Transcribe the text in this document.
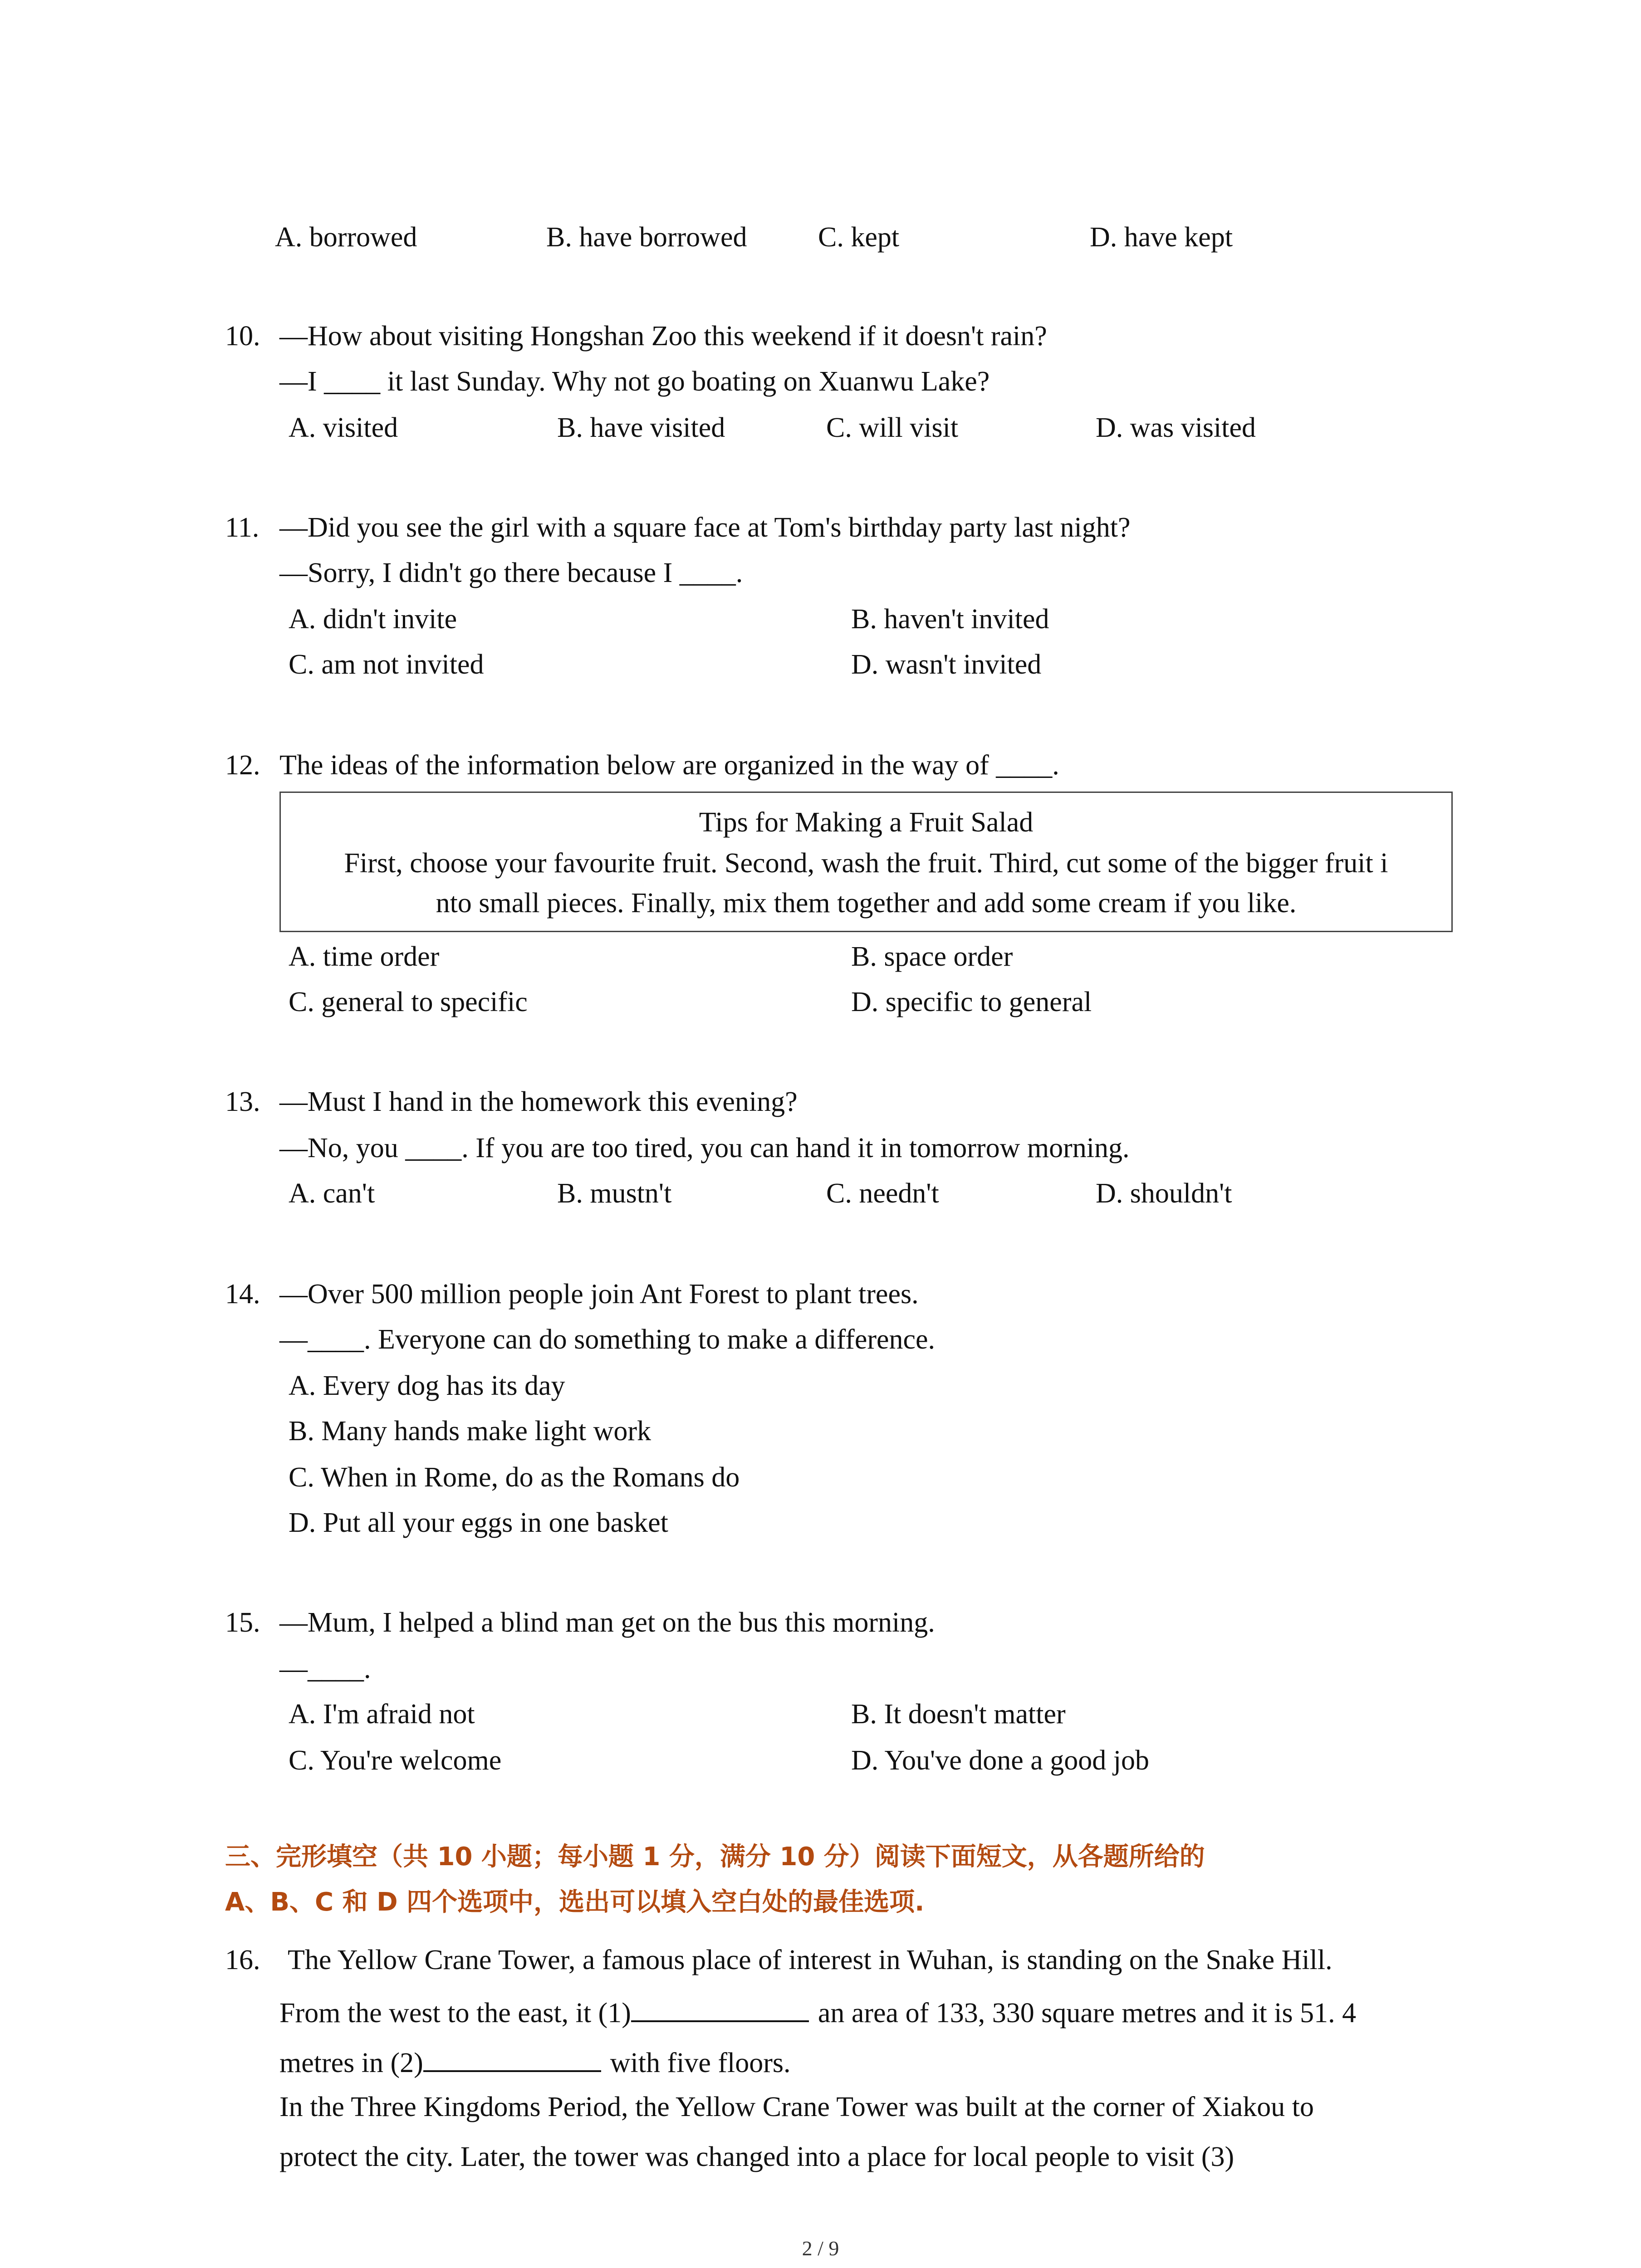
A. borrowed	B. have borrowed	C. kept	D. have kept
10. —How about visiting Hongshan Zoo this weekend if it doesn't rain?
—I ____ it last Sunday. Why not go boating on Xuanwu Lake?
A. visited	B. have visited	C. will visit	D. was visited
11. —Did you see the girl with a square face at Tom's birthday party last night?
—Sorry, I didn't go there because I ____.
A. didn't invite	B. haven't invited
C. am not invited	D. wasn't invited
12. The ideas of the information below are organized in the way of ____.
Tips for Making a Fruit Salad
First, choose your favourite fruit. Second, wash the fruit. Third, cut some of the bigger fruit i
nto small pieces. Finally, mix them together and add some cream if you like.
A. time order	B. space order
C. general to specific	D. specific to general
13. —Must I hand in the homework this evening?
—No, you ____. If you are too tired, you can hand it in tomorrow morning.
A. can't	B. mustn't	C. needn't	D. shouldn't
14. —Over 500 million people join Ant Forest to plant trees.
—____. Everyone can do something to make a difference.
A. Every dog has its day
B. Many hands make light work
C. When in Rome, do as the Romans do
D. Put all your eggs in one basket
15. —Mum, I helped a blind man get on the bus this morning.
—____.
A. I'm afraid not	B. It doesn't matter
C. You're welcome	D. You've done a good job
三、完形填空（共 10 小题；每小题 1 分，满分 10 分）阅读下面短文，从各题所给的
A、B、C 和 D 四个选项中，选出可以填入空白处的最佳选项.
16. The Yellow Crane Tower, a famous place of interest in Wuhan, is standing on the Snake Hill.
From the west to the east, it (1)	an area of 133, 330 square metres and it is 51. 4
metres in (2)	with five floors.
In the Three Kingdoms Period, the Yellow Crane Tower was built at the corner of Xiakou to
protect the city. Later, the tower was changed into a place for local people to visit (3)
2 / 9
